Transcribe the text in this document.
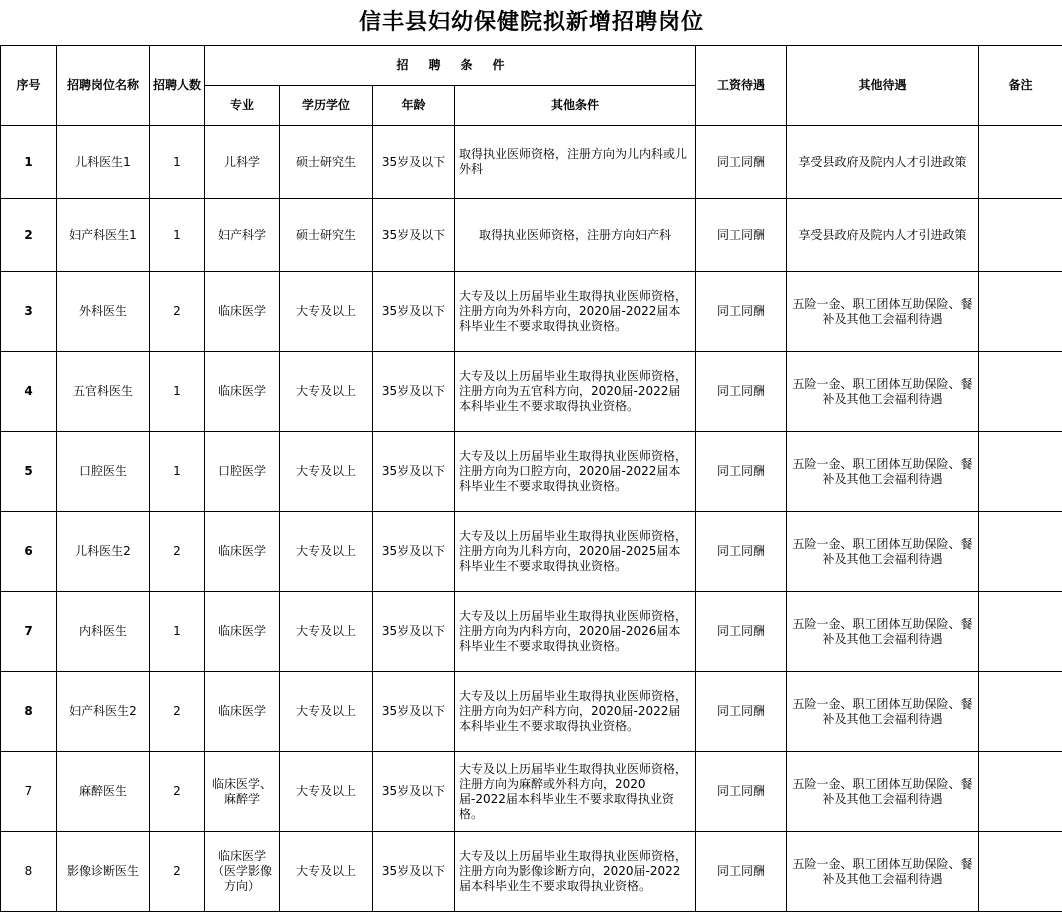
信丰县妇幼保健院拟新增招聘岗位									
序号	招聘岗位名称	招聘人数	招聘条件				工资待遇	其他待遇	备注
			专业	学历学位	年龄	其他条件			
1	儿科医生1	1	儿科学	硕士研究生	35岁及以下	取得执业医师资格，注册方向为儿内科或儿外科	同工同酬	享受县政府及院内人才引进政策	
2	妇产科医生1	1	妇产科学	硕士研究生	35岁及以下	取得执业医师资格，注册方向妇产科	同工同酬	享受县政府及院内人才引进政策	
3	外科医生	2	临床医学	大专及以上	35岁及以下	大专及以上历届毕业生取得执业医师资格，注册方向为外科方向，2020届-2022届本科毕业生不要求取得执业资格。	同工同酬	五险一金、职工团体互助保险、餐补及其他工会福利待遇	
4	五官科医生	1	临床医学	大专及以上	35岁及以下	大专及以上历届毕业生取得执业医师资格，注册方向为五官科方向，2020届-2022届本科毕业生不要求取得执业资格。	同工同酬	五险一金、职工团体互助保险、餐补及其他工会福利待遇	
5	口腔医生	1	口腔医学	大专及以上	35岁及以下	大专及以上历届毕业生取得执业医师资格，注册方向为口腔方向，2020届-2022届本科毕业生不要求取得执业资格。	同工同酬	五险一金、职工团体互助保险、餐补及其他工会福利待遇	
6	儿科医生2	2	临床医学	大专及以上	35岁及以下	大专及以上历届毕业生取得执业医师资格，注册方向为儿科方向，2020届-2025届本科毕业生不要求取得执业资格。	同工同酬	五险一金、职工团体互助保险、餐补及其他工会福利待遇	
7	内科医生	1	临床医学	大专及以上	35岁及以下	大专及以上历届毕业生取得执业医师资格，注册方向为内科方向，2020届-2026届本科毕业生不要求取得执业资格。	同工同酬	五险一金、职工团体互助保险、餐补及其他工会福利待遇	
8	妇产科医生2	2	临床医学	大专及以上	35岁及以下	大专及以上历届毕业生取得执业医师资格，注册方向为妇产科方向，2020届-2022届本科毕业生不要求取得执业资格。	同工同酬	五险一金、职工团体互助保险、餐补及其他工会福利待遇	
7	麻醉医生	2	临床医学、麻醉学	大专及以上	35岁及以下	大专及以上历届毕业生取得执业医师资格，注册方向为麻醉或外科方向，2020届-2022届本科毕业生不要求取得执业资格。	同工同酬	五险一金、职工团体互助保险、餐补及其他工会福利待遇	
8	影像诊断医生	2	临床医学（医学影像方向）	大专及以上	35岁及以下	大专及以上历届毕业生取得执业医师资格，注册方向为影像诊断方向，2020届-2022届本科毕业生不要求取得执业资格。	同工同酬	五险一金、职工团体互助保险、餐补及其他工会福利待遇	
